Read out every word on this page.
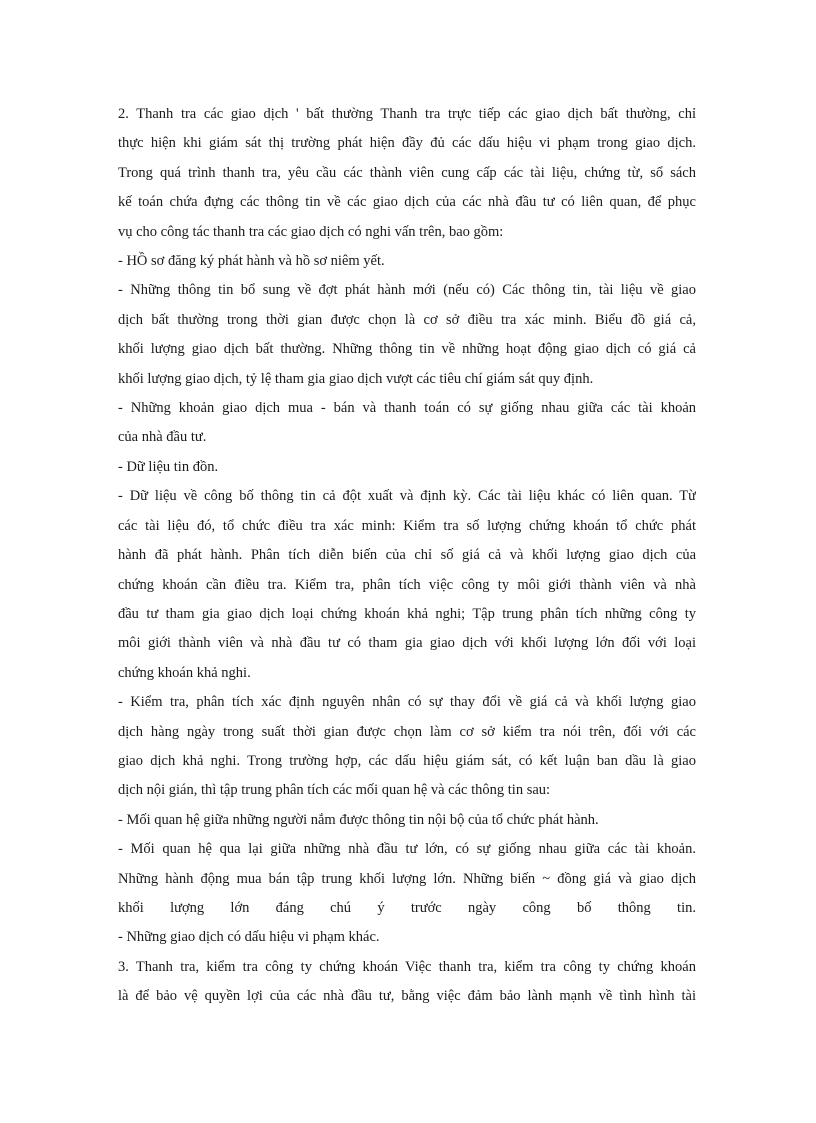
2. Thanh tra các giao dịch ' bất thường Thanh tra trực tiếp các giao dịch bất thường, chỉ
thực hiện khi giám sát thị trường phát hiện đầy đủ các dấu hiệu vi phạm trong giao dịch.
Trong quá trình thanh tra, yêu cầu các thành viên cung cấp các tài liệu, chứng từ, sổ sách
kế toán chứa đựng các thông tin về các giao dịch của các nhà đầu tư có liên quan, để phục
vụ cho công tác thanh tra các giao dịch có nghi vấn trên, bao gồm:
- HỒ sơ đăng ký phát hành và hồ sơ niêm yết.
- Những thông tin bổ sung về đợt phát hành mới (nếu có) Các thông tin, tài liệu về giao
dịch bất thường trong thời gian được chọn là cơ sở điều tra xác minh. Biểu đồ giá cả,
khối lượng giao dịch bất thường. Những thông tin về những hoạt động giao dịch có giá cả
khối lượng giao dịch, tỷ lệ tham gia giao dịch vượt các tiêu chí giám sát quy định.
- Những khoản giao dịch mua - bán và thanh toán có sự giống nhau giữa các tài khoản
của nhà đầu tư.
- Dữ liệu tin đồn.
- Dữ liệu về công bố thông tin cả đột xuất và định kỳ. Các tài liệu khác có liên quan. Từ
các tài liệu đó, tổ chức điều tra xác minh: Kiểm tra số lượng chứng khoán tổ chức phát
hành đã phát hành. Phân tích diễn biến của chỉ số giá cả và khối lượng giao dịch của
chứng khoán cần điều tra. Kiểm tra, phân tích việc công ty môi giới thành viên và nhà
đầu tư tham gia giao dịch loại chứng khoán khả nghi; Tập trung phân tích những công ty
môi giới thành viên và nhà đầu tư có tham gia giao dịch với khối lượng lớn đối với loại
chứng khoán khả nghi.
- Kiểm tra, phân tích xác định nguyên nhân có sự thay đổi về giá cả và khối lượng giao
dịch hàng ngày trong suất thời gian được chọn làm cơ sở kiểm tra nói trên, đối với các
giao dịch khả nghi. Trong trường hợp, các dấu hiệu giám sát, có kết luận ban dầu là giao
dịch nội gián, thì tập trung phân tích các mối quan hệ và các thông tin sau:
- Mối quan hệ giữa những người nắm được thông tin nội bộ của tổ chức phát hành.
- Mối quan hệ qua lại giữa những nhà đầu tư lớn, có sự giống nhau giữa các tài khoản.
Những hành động mua bán tập trung khối lượng lớn. Những biến ~ đồng giá và giao dịch
khối lượng lớn đáng chú ý trước ngày công bố thông tin.
- Những giao dịch có dấu hiệu vi phạm khác.
3. Thanh tra, kiểm tra công ty chứng khoán Việc thanh tra, kiểm tra công ty chứng khoán
là để bảo vệ quyền lợi của các nhà đầu tư, bằng việc đảm bảo lành mạnh về tình hình tài
